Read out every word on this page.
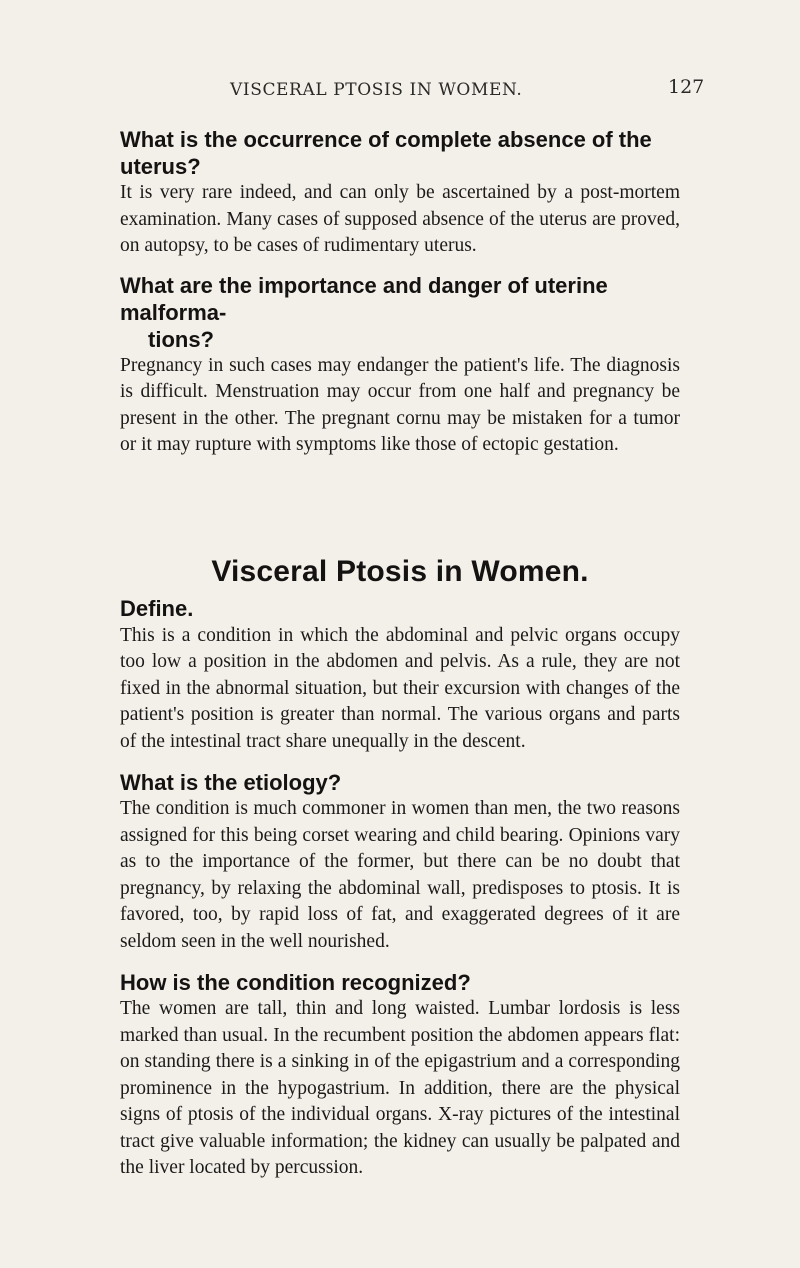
VISCERAL PTOSIS IN WOMEN.	127

What is the occurrence of complete absence of the uterus?

It is very rare indeed, and can only be ascertained by a post-mortem examination. Many cases of supposed absence of the uterus are proved, on autopsy, to be cases of rudimentary uterus.

What are the importance and danger of uterine malforma-
tions?

Pregnancy in such cases may endanger the patient's life. The diagnosis is difficult. Menstruation may occur from one half and pregnancy be present in the other. The pregnant cornu may be mistaken for a tumor or it may rupture with symptoms like those of ectopic gestation.

Visceral Ptosis in Women.

Define.

This is a condition in which the abdominal and pelvic organs occupy too low a position in the abdomen and pelvis. As a rule, they are not fixed in the abnormal situation, but their excursion with changes of the patient's position is greater than normal. The various organs and parts of the intestinal tract share unequally in the descent.

What is the etiology?

The condition is much commoner in women than men, the two reasons assigned for this being corset wearing and child bearing. Opinions vary as to the importance of the former, but there can be no doubt that pregnancy, by relaxing the abdominal wall, predisposes to ptosis. It is favored, too, by rapid loss of fat, and exaggerated degrees of it are seldom seen in the well nourished.

How is the condition recognized?

The women are tall, thin and long waisted. Lumbar lordosis is less marked than usual. In the recumbent position the abdomen appears flat: on standing there is a sinking in of the epigastrium and a corresponding prominence in the hypogastrium. In addition, there are the physical signs of ptosis of the individual organs. X-ray pictures of the intestinal tract give valuable information; the kidney can usually be palpated and the liver located by percussion.
